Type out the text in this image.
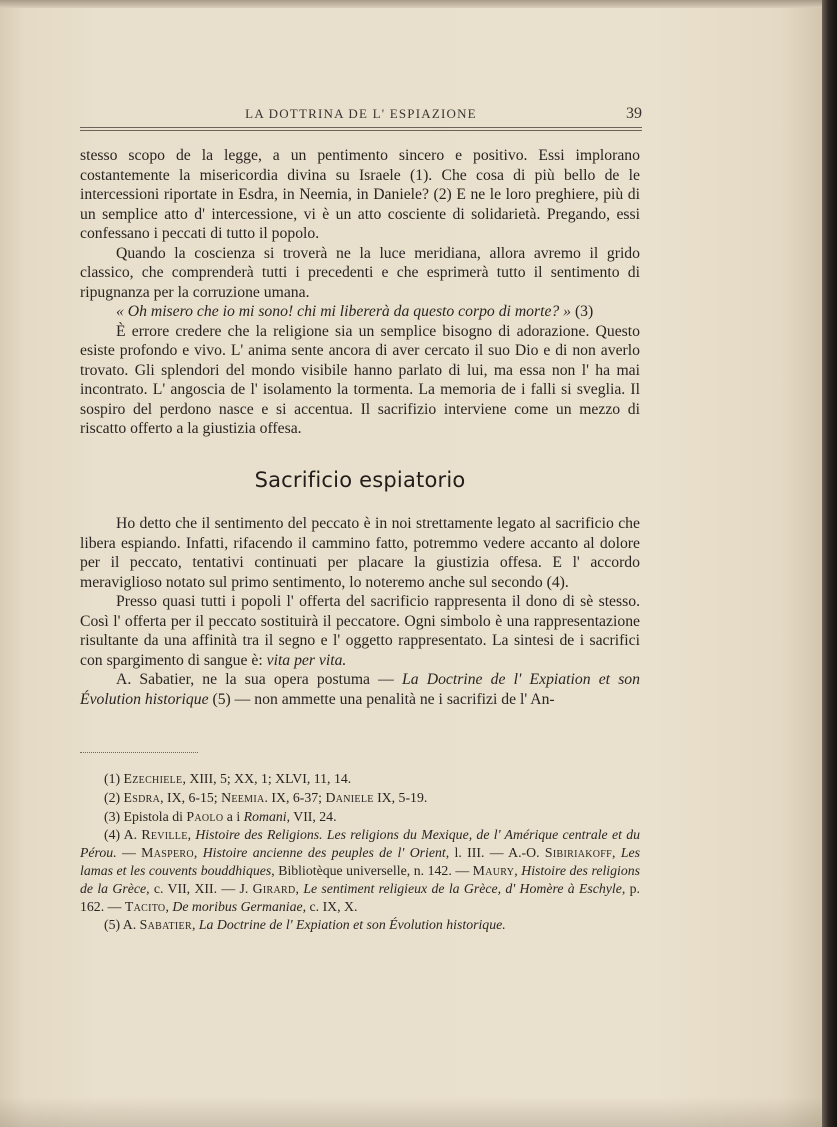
LA DOTTRINA DE L' ESPIAZIONE	39

stesso scopo de la legge, a un pentimento sincero e positivo. Essi implorano costantemente la misericordia divina su Israele (1). Che cosa di più bello de le intercessioni riportate in Esdra, in Neemia, in Daniele? (2) E ne le loro preghiere, più di un semplice atto d' intercessione, vi è un atto cosciente di solidarietà. Pregando, essi confessano i peccati di tutto il popolo.

Quando la coscienza si troverà ne la luce meridiana, allora avremo il grido classico, che comprenderà tutti i precedenti e che esprimerà tutto il sentimento di ripugnanza per la corruzione umana.

« Oh misero che io mi sono! chi mi libererà da questo corpo di morte? » (3)

È errore credere che la religione sia un semplice bisogno di adorazione. Questo esiste profondo e vivo. L' anima sente ancora di aver cercato il suo Dio e di non averlo trovato. Gli splendori del mondo visibile hanno parlato di lui, ma essa non l' ha mai incontrato. L' angoscia de l' isolamento la tormenta. La memoria de i falli si sveglia. Il sospiro del perdono nasce e si accentua. Il sacrifizio interviene come un mezzo di riscatto offerto a la giustizia offesa.

Sacrificio espiatorio

Ho detto che il sentimento del peccato è in noi strettamente legato al sacrificio che libera espiando. Infatti, rifacendo il cammino fatto, potremmo vedere accanto al dolore per il peccato, tentativi continuati per placare la giustizia offesa. E l' accordo meraviglioso notato sul primo sentimento, lo noteremo anche sul secondo (4).

Presso quasi tutti i popoli l' offerta del sacrificio rappresenta il dono di sè stesso. Così l' offerta per il peccato sostituirà il peccatore. Ogni simbolo è una rappresentazione risultante da una affinità tra il segno e l' oggetto rappresentato. La sintesi de i sacrifici con spargimento di sangue è: vita per vita.

A. Sabatier, ne la sua opera postuma — La Doctrine de l' Expiation et son Évolution historique (5) — non ammette una penalità ne i sacrifizi de l' An-

(1) Ezechiele, XIII, 5; XX, 1; XLVI, 11, 14.

(2) Esdra, IX, 6-15; Neemia. IX, 6-37; Daniele IX, 5-19.

(3) Epistola di Paolo a i Romani, VII, 24.

(4) A. Reville, Histoire des Religions. Les religions du Mexique, de l' Amérique centrale et du Pérou. — Maspero, Histoire ancienne des peuples de l' Orient, l. III. — A.-O. Sibiriakoff, Les lamas et les couvents bouddhiques, Bibliotèque universelle, n. 142. — Maury, Histoire des religions de la Grèce, c. VII, XII. — J. Girard, Le sentiment religieux de la Grèce, d' Homère à Eschyle, p. 162. — Tacito, De moribus Germaniae, c. IX, X.

(5) A. Sabatier, La Doctrine de l' Expiation et son Évolution historique.
